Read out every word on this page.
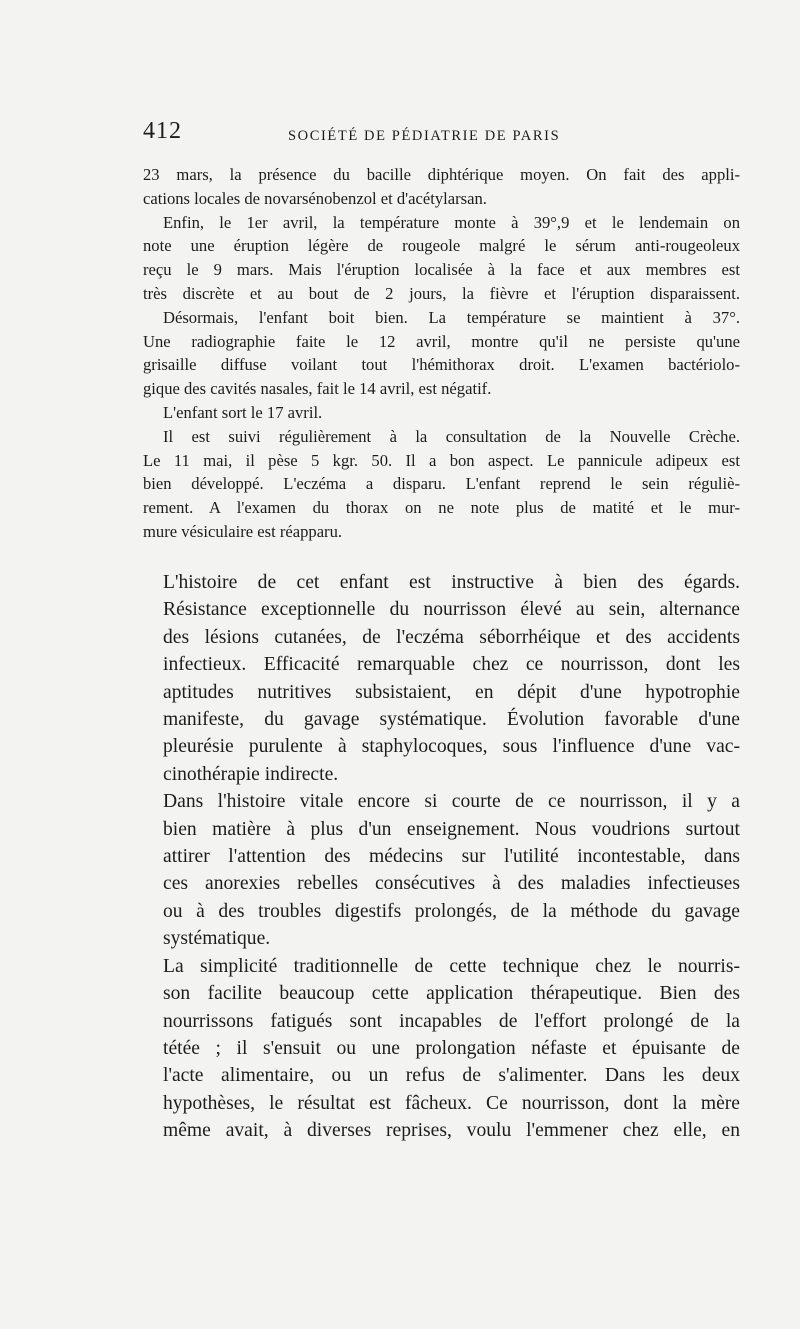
412	SOCIÉTÉ DE PÉDIATRIE DE PARIS

23 mars, la présence du bacille diphtérique moyen. On fait des appli-
cations locales de novarsénobenzol et d'acétylarsan.

Enfin, le 1er avril, la température monte à 39°,9 et le lendemain on
note une éruption légère de rougeole malgré le sérum anti-rougeoleux
reçu le 9 mars. Mais l'éruption localisée à la face et aux membres est
très discrète et au bout de 2 jours, la fièvre et l'éruption disparaissent.

Désormais, l'enfant boit bien. La température se maintient à 37°.
Une radiographie faite le 12 avril, montre qu'il ne persiste qu'une
grisaille diffuse voilant tout l'hémithorax droit. L'examen bactériolo-
gique des cavités nasales, fait le 14 avril, est négatif.

L'enfant sort le 17 avril.

Il est suivi régulièrement à la consultation de la Nouvelle Crèche.
Le 11 mai, il pèse 5 kgr. 50. Il a bon aspect. Le pannicule adipeux est
bien développé. L'eczéma a disparu. L'enfant reprend le sein réguliè-
rement. A l'examen du thorax on ne note plus de matité et le mur-
mure vésiculaire est réapparu.

L'histoire de cet enfant est instructive à bien des égards.
Résistance exceptionnelle du nourrisson élevé au sein, alternance
des lésions cutanées, de l'eczéma séborrhéique et des accidents
infectieux. Efficacité remarquable chez ce nourrisson, dont les
aptitudes nutritives subsistaient, en dépit d'une hypotrophie
manifeste, du gavage systématique. Évolution favorable d'une
pleurésie purulente à staphylocoques, sous l'influence d'une vac-
cinothérapie indirecte.

Dans l'histoire vitale encore si courte de ce nourrisson, il y a
bien matière à plus d'un enseignement. Nous voudrions surtout
attirer l'attention des médecins sur l'utilité incontestable, dans
ces anorexies rebelles consécutives à des maladies infectieuses
ou à des troubles digestifs prolongés, de la méthode du gavage
systématique.

La simplicité traditionnelle de cette technique chez le nourris-
son facilite beaucoup cette application thérapeutique. Bien des
nourrissons fatigués sont incapables de l'effort prolongé de la
tétée ; il s'ensuit ou une prolongation néfaste et épuisante de
l'acte alimentaire, ou un refus de s'alimenter. Dans les deux
hypothèses, le résultat est fâcheux. Ce nourrisson, dont la mère
même avait, à diverses reprises, voulu l'emmener chez elle, en
